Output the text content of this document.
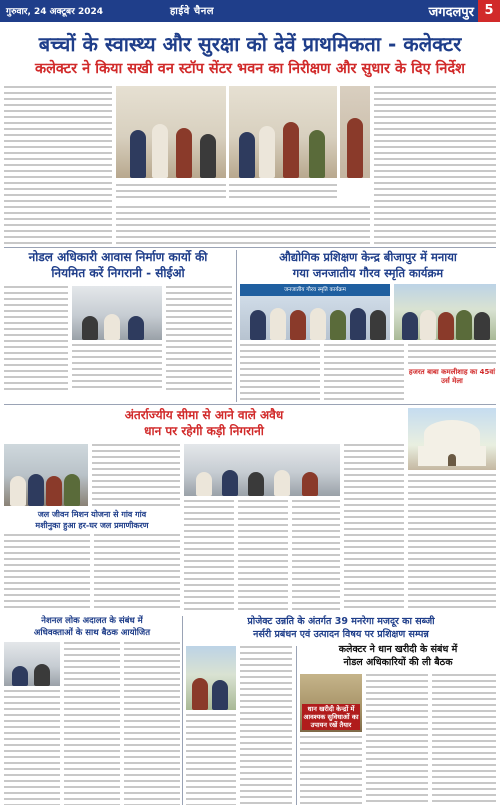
गुरुवार, 24 अक्टूबर 2024	हाईवे चैनल	जगदलपुर 5
बच्चों के स्वास्थ्य और सुरक्षा को देवें प्राथमिकता - कलेक्टर
कलेक्टर ने किया सखी वन स्टॉप सेंटर भवन का निरीक्षण और सुधार के दिए निर्देश
नोडल अधिकारी आवास निर्माण कार्यो की
नियमित करें निगरानी - सीईओ
औद्योगिक प्रशिक्षण केन्द्र बीजापुर में मनाया
गया जनजातीय गौरव स्मृति कार्यक्रम
जनजातीय गौरव स्मृति कार्यक्रम
हजरत बाबा कमलीशाह का 45वां उर्स मेला
अंतर्राज्यीय सीमा से आने वाले अवैध
धान पर रहेगी कड़ी निगरानी
जल जीवन मिशन योजना से गांव गांव
मशीनुका हुआ हर-घर जल प्रमाणीकरण
नेशनल लोक अदालत के संबंध में
अधिवक्ताओं के साथ बैठक आयोजित
प्रोजेक्ट उन्नति के अंतर्गत 39 मनरेगा मजदूर का सब्जी
नर्सरी प्रबंधन एवं उत्पादन विषय पर प्रशिक्षण सम्पन्न
कलेक्टर ने धान खरीदी के संबंध में
नोडल अधिकारियों की ली बैठक
धान खरीदी केन्द्रों में आवश्यक सुविधाओं का उपायन रखें तैयार
